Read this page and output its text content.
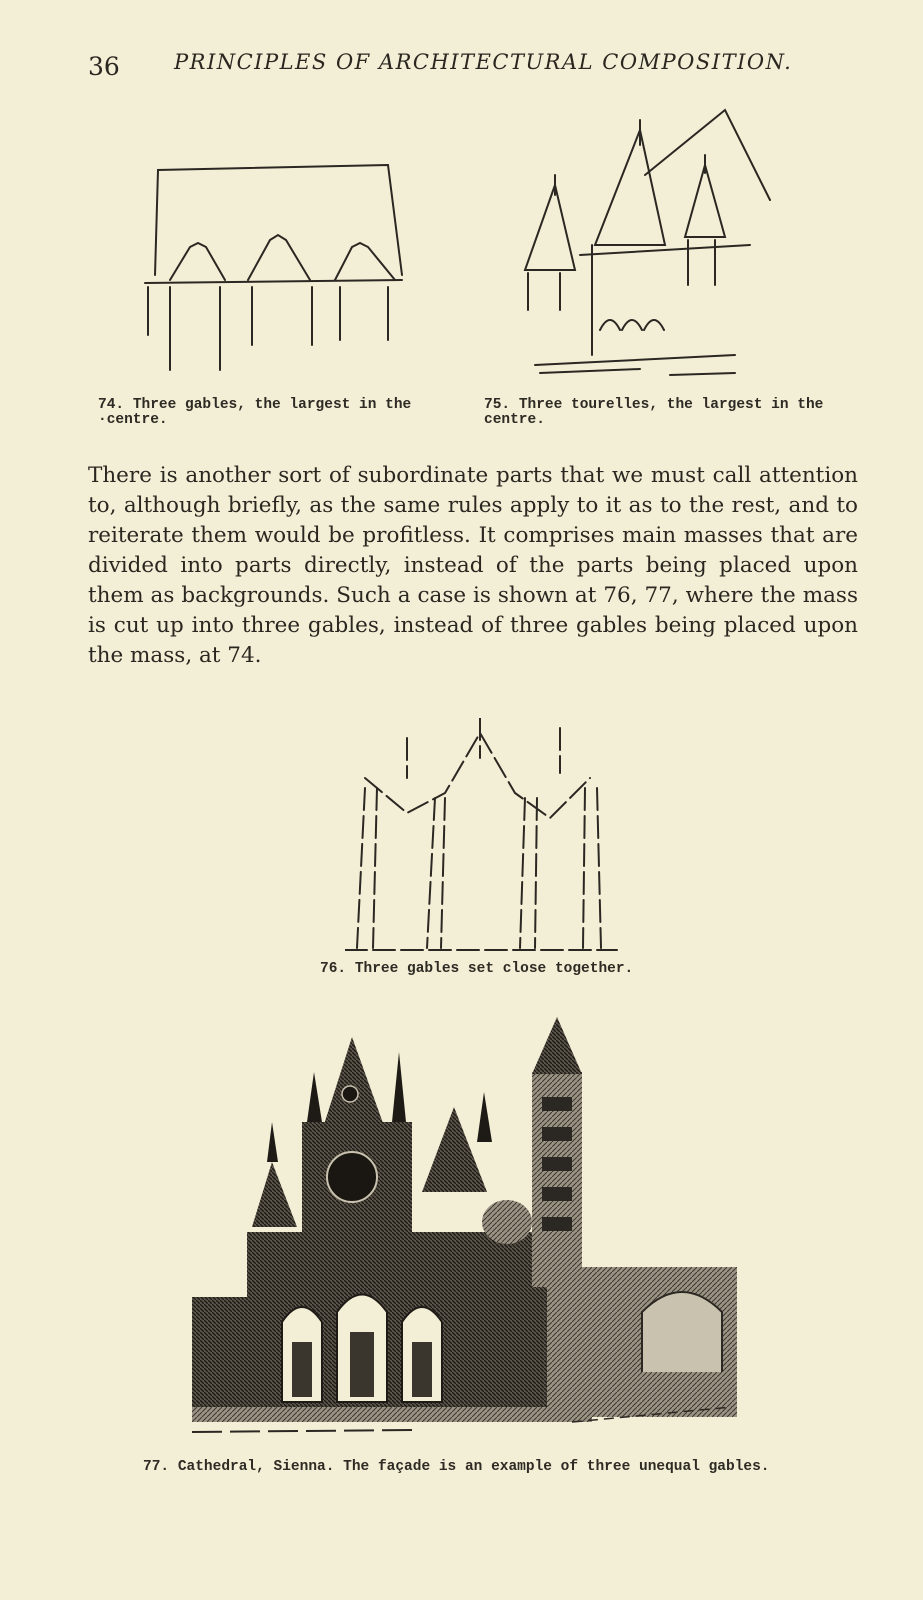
36	PRINCIPLES OF ARCHITECTURAL COMPOSITION.
74. Three gables, the largest in the
·centre.
75. Three tourelles, the largest in the
centre.

There is another sort of subordinate parts that we must call attention to, although briefly, as the same rules apply to it as to the rest, and to reiterate them would be profitless. It comprises main masses that are divided into parts directly, instead of the parts being placed upon them as backgrounds. Such a case is shown at 76, 77, where the mass is cut up into three gables, instead of three gables being placed upon the mass, at 74.

76. Three gables set close together.
77. Cathedral, Sienna. The façade is an example of three unequal gables.
